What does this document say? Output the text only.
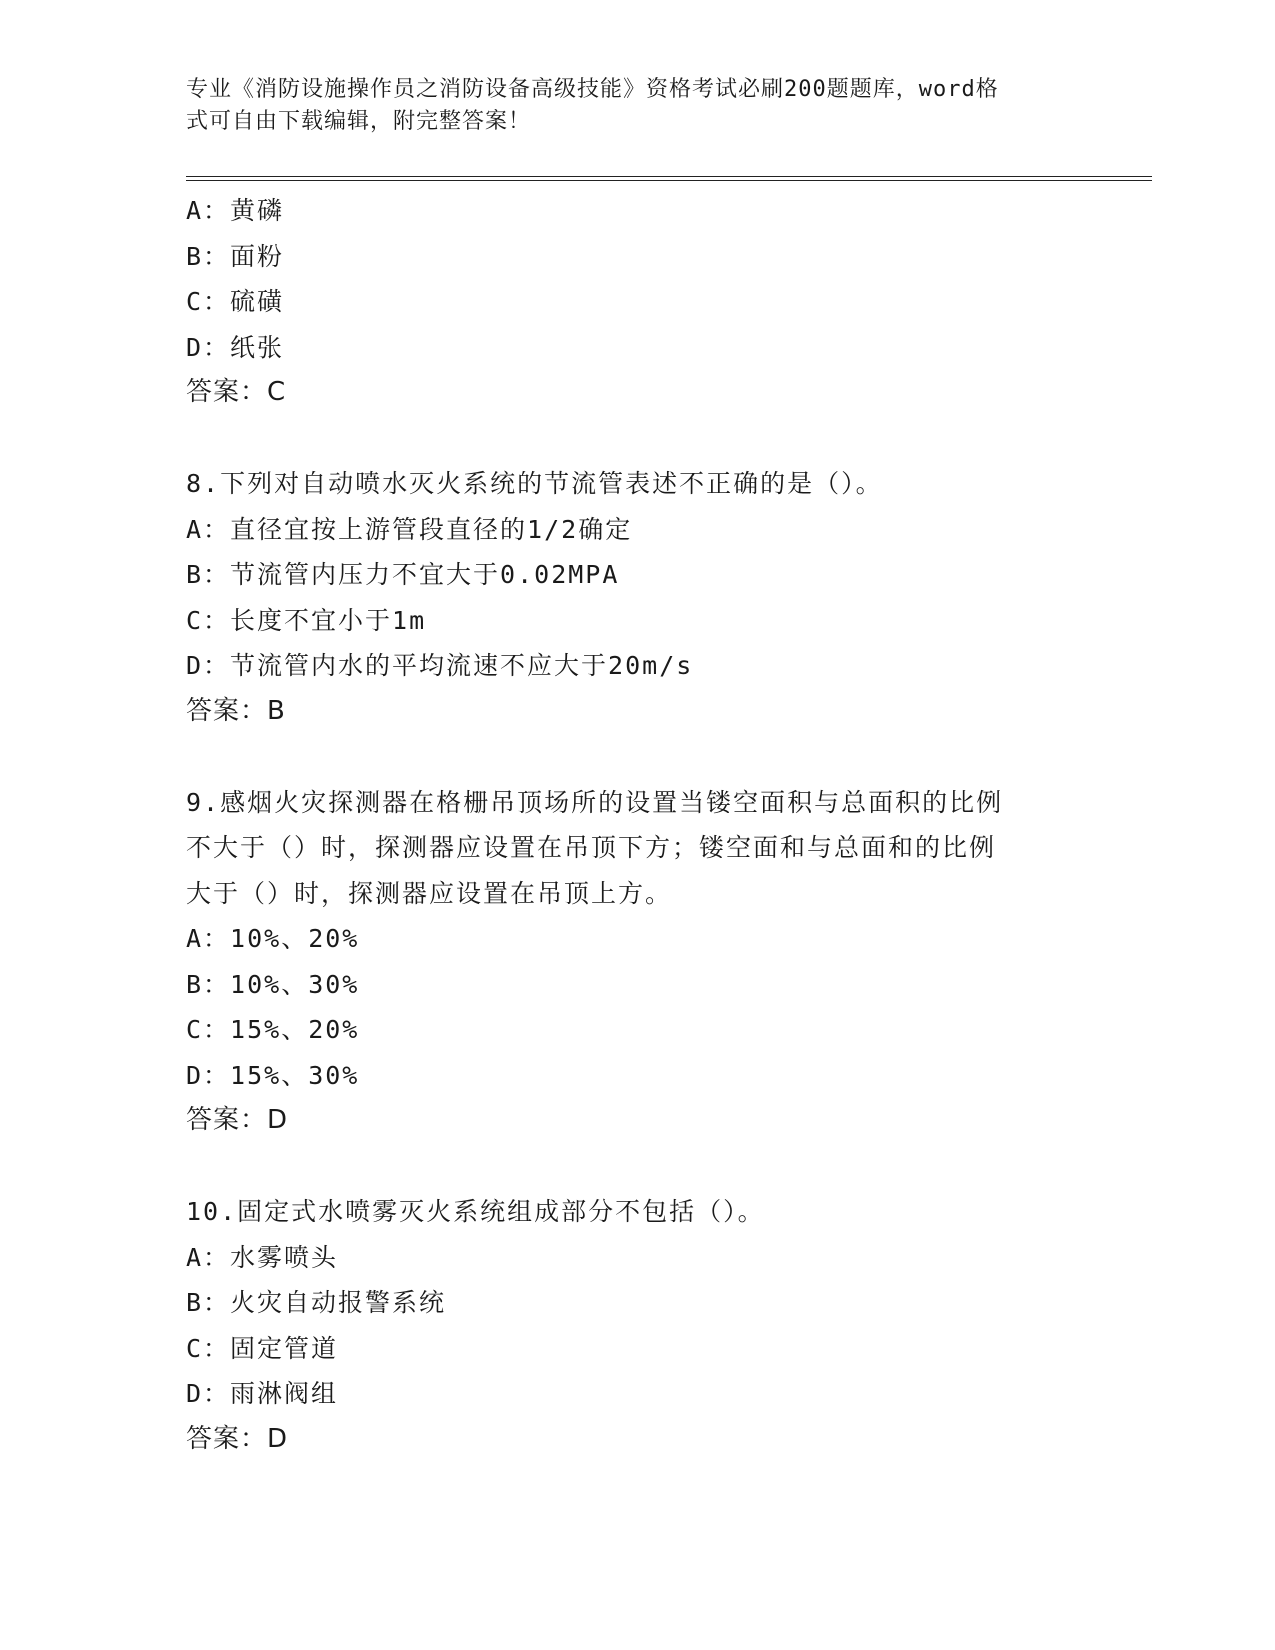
专业《消防设施操作员之消防设备高级技能》资格考试必刷200题题库，word格
式可自由下载编辑，附完整答案！
A：黄磷
B：面粉
C：硫磺
D：纸张
答案：C
8.下列对自动喷水灭火系统的节流管表述不正确的是（）。
A：直径宜按上游管段直径的1/2确定
B：节流管内压力不宜大于0.02MPA
C：长度不宜小于1m
D：节流管内水的平均流速不应大于20m/s
答案：B
9.感烟火灾探测器在格栅吊顶场所的设置当镂空面积与总面积的比例
不大于（）时，探测器应设置在吊顶下方；镂空面和与总面和的比例
大于（）时，探测器应设置在吊顶上方。
A：10%、20%
B：10%、30%
C：15%、20%
D：15%、30%
答案：D
10.固定式水喷雾灭火系统组成部分不包括（）。
A：水雾喷头
B：火灾自动报警系统
C：固定管道
D：雨淋阀组
答案：D
